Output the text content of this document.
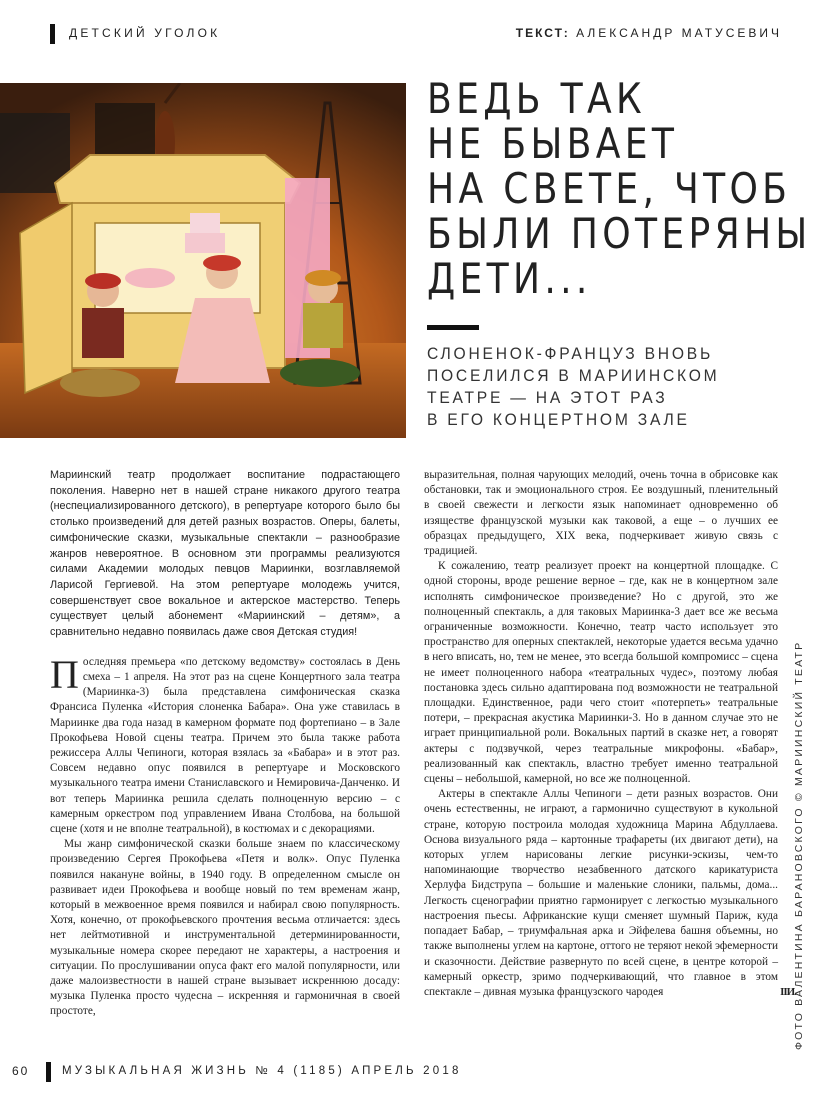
ДЕТСКИЙ УГОЛОК	ТЕКСТ: АЛЕКСАНДР МАТУСЕВИЧ
ВЕДЬ ТАК
НЕ БЫВАЕТ
НА СВЕТЕ, ЧТОБ
БЫЛИ ПОТЕРЯНЫ
ДЕТИ...
СЛОНЕНОК-ФРАНЦУЗ ВНОВЬ
ПОСЕЛИЛСЯ В МАРИИНСКОМ
ТЕАТРЕ — НА ЭТОТ РАЗ
В ЕГО КОНЦЕРТНОМ ЗАЛЕ

Мариинский театр продолжает воспитание подрастающего поколения. Наверно нет в нашей стране никакого другого театра (неспециализированного детского), в репертуаре которого было бы столько произведений для детей разных возрастов. Оперы, балеты, симфонические сказки, музыкальные спектакли – разнообразие жанров невероятное. В основном эти программы реализуются силами Академии молодых певцов Мариинки, возглавляемой Ларисой Гергиевой. На этом репертуаре молодежь учится, совершенствует свое вокальное и актерское мастерство. Теперь существует целый абонемент «Мариинский – детям», а сравнительно недавно появилась даже своя Детская студия!

Последняя премьера «по детскому ведомству» состоялась в День смеха – 1 апреля. На этот раз на сцене Концертного зала театра (Мариинка-3) была представлена симфоническая сказка Франсиса Пуленка «История слоненка Бабара». Она уже ставилась в Мариинке два года назад в камерном формате под фортепиано – в Зале Прокофьева Новой сцены театра. Причем это была также работа режиссера Аллы Чепиноги, которая взялась за «Бабара» и в этот раз. Совсем недавно опус появился в репертуаре и Московского музыкального театра имени Станиславского и Немировича-Данченко. И вот теперь Мариинка решила сделать полноценную версию – с камерным оркестром под управлением Ивана Столбова, на большой сцене (хотя и не вполне театральной), в костюмах и с декорациями.

Мы жанр симфонической сказки больше знаем по классическому произведению Сергея Прокофьева «Петя и волк». Опус Пуленка появился накануне войны, в 1940 году. В определенном смысле он развивает идеи Прокофьева и вообще новый по тем временам жанр, который в межвоенное время появился и набирал свою популярность. Хотя, конечно, от прокофьевского прочтения весьма отличается: здесь нет лейтмотивной и инструментальной детерминированности, музыкальные номера скорее передают не характеры, а настроения и ситуации. По прослушивании опуса факт его малой популярности, или даже малоизвестности в нашей стране вызывает искреннюю досаду: музыка Пуленка просто чудесна – искренняя и гармоничная в своей простоте,

выразительная, полная чарующих мелодий, очень точна в обрисовке как обстановки, так и эмоционального строя. Ее воздушный, пленительный в своей свежести и легкости язык напоминает одновременно об изяществе французской музыки как таковой, а еще – о лучших ее образцах предыдущего, XIX века, подчеркивает живую связь с традицией.

К сожалению, театр реализует проект на концертной площадке. С одной стороны, вроде решение верное – где, как не в концертном зале исполнять симфоническое произведение? Но с другой, это же полноценный спектакль, а для таковых Мариинка-3 дает все же весьма ограниченные возможности. Конечно, театр часто использует это пространство для оперных спектаклей, некоторые удается весьма удачно в него вписать, но, тем не менее, это всегда большой компромисс – сцена не имеет полноценного набора «театральных чудес», поэтому любая постановка здесь сильно адаптирована под возможности не театральной площадки. Единственное, ради чего стоит «потерпеть» театральные потери, – прекрасная акустика Мариинки-3. Но в данном случае это не играет принципиальной роли. Вокальных партий в сказке нет, а говорят актеры с подзвучкой, через театральные микрофоны. «Бабар», реализованный как спектакль, властно требует именно театральной сцены – небольшой, камерной, но все же полноценной.

Актеры в спектакле Аллы Чепиноги – дети разных возрастов. Они очень естественны, не играют, а гармонично существуют в кукольной стране, которую построила молодая художница Марина Абдуллаева. Основа визуального ряда – картонные трафареты (их двигают дети), на которых углем нарисованы легкие рисунки-эскизы, чем-то напоминающие творчество незабвенного датского карикатуриста Херлуфа Бидструпа – большие и маленькие слоники, пальмы, дома... Легкость сценографии приятно гармонирует с легкостью музыкального настроения пьесы. Африканские кущи сменяет шумный Париж, куда попадает Бабар, – триумфальная арка и Эйфелева башня объемны, но также выполнены углем на картоне, оттого не теряют некой эфемерности и сказочности. Действие развернуто по всей сцене, в центре которой – камерный оркестр, зримо подчеркивающий, что главное в этом спектакле – дивная музыка французского чародея	IIИ.

ФОТО ВАЛЕНТИНА БАРАНОВСКОГО © МАРИИНСКИЙ ТЕАТР
60	МУЗЫКАЛЬНАЯ ЖИЗНЬ № 4 (1185) АПРЕЛЬ 2018
